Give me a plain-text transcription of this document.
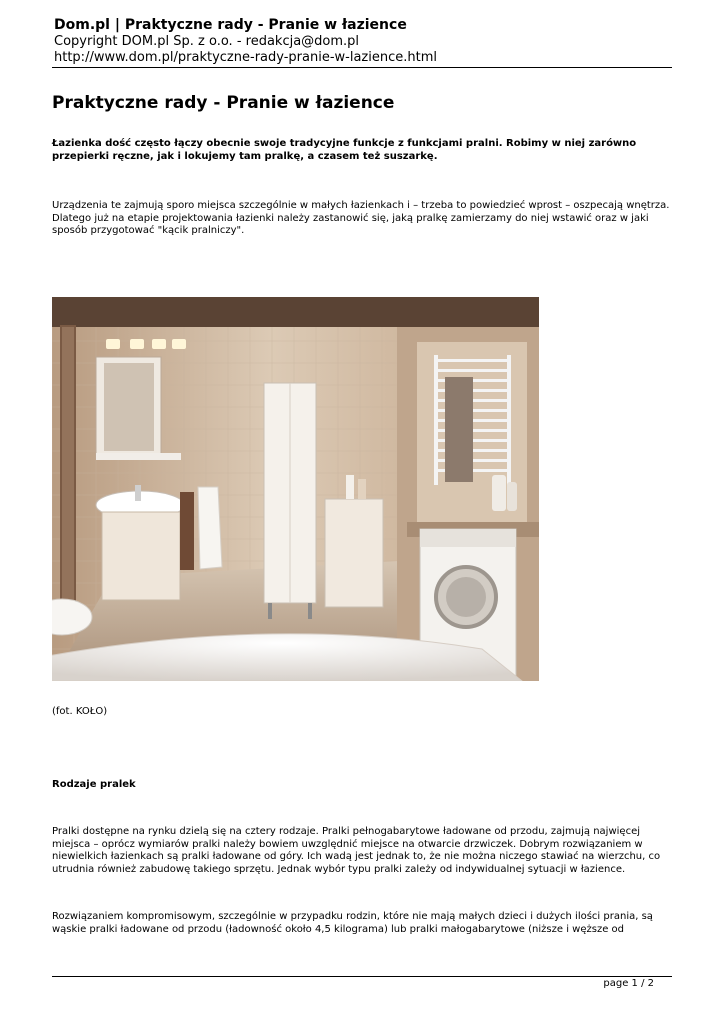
Dom.pl | Praktyczne rady - Pranie w łazience
Copyright DOM.pl Sp. z o.o. - redakcja@dom.pl
http://www.dom.pl/praktyczne-rady-pranie-w-lazience.html
Praktyczne rady - Pranie w łazience
Łazienka dość często łączy obecnie swoje tradycyjne funkcje z funkcjami pralni. Robimy w niej zarówno przepierki ręczne, jak i lokujemy tam pralkę, a czasem też suszarkę.
Urządzenia te zajmują sporo miejsca szczególnie w małych łazienkach i – trzeba to powiedzieć wprost – oszpecają wnętrza. Dlatego już na etapie projektowania łazienki należy zastanowić się, jaką pralkę zamierzamy do niej wstawić oraz w jaki sposób przygotować "kącik pralniczy".
(fot. KOŁO)
Rodzaje pralek
Pralki dostępne na rynku dzielą się na cztery rodzaje. Pralki pełnogabarytowe ładowane od przodu, zajmują najwięcej miejsca – oprócz wymiarów pralki należy bowiem uwzględnić miejsce na otwarcie drzwiczek. Dobrym rozwiązaniem w niewielkich łazienkach są pralki ładowane od góry. Ich wadą jest jednak to, że nie można niczego stawiać na wierzchu, co utrudnia również zabudowę takiego sprzętu. Jednak wybór typu pralki zależy od indywidualnej sytuacji w łazience.
Rozwiązaniem kompromisowym, szczególnie w przypadku rodzin, które nie mają małych dzieci i dużych ilości prania, są wąskie pralki ładowane od przodu (ładowność około 4,5 kilograma) lub pralki małogabarytowe (niższe i węższe od
page 1 / 2
